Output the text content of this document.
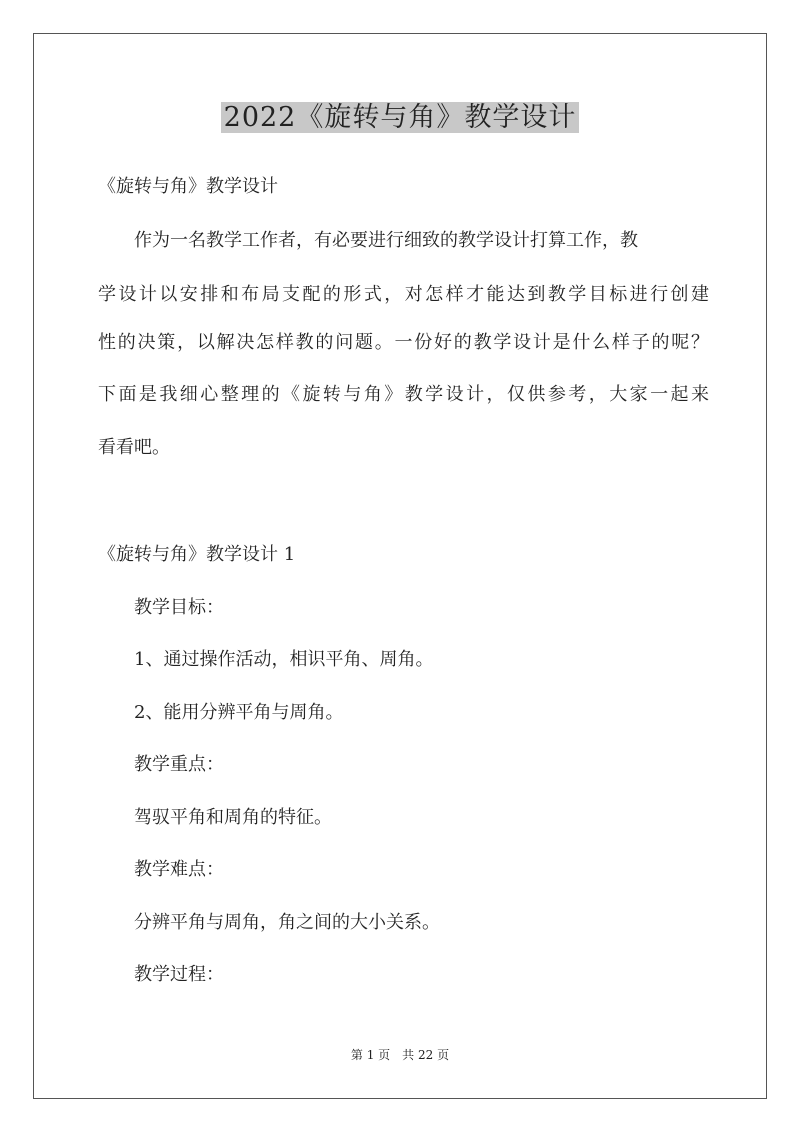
2022《旋转与角》教学设计

《旋转与角》教学设计

作为一名教学工作者，有必要进行细致的教学设计打算工作，教

学设计以安排和布局支配的形式，对怎样才能达到教学目标进行创建

性的决策，以解决怎样教的问题。一份好的教学设计是什么样子的呢？

下面是我细心整理的《旋转与角》教学设计，仅供参考，大家一起来

看看吧。

《旋转与角》教学设计 1

教学目标：

1、通过操作活动，相识平角、周角。

2、能用分辨平角与周角。

教学重点：

驾驭平角和周角的特征。

教学难点：

分辨平角与周角，角之间的大小关系。

教学过程：

第 1 页　共 22 页
